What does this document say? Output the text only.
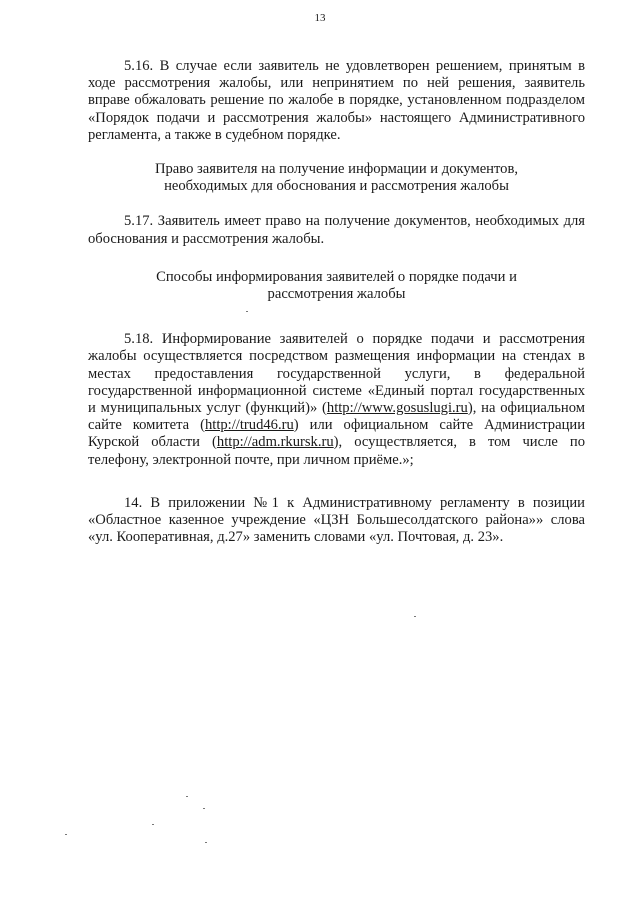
13

5.16. В случае если заявитель не удовлетворен решением, принятым в ходе рассмотрения жалобы, или непринятием по ней решения, заявитель вправе обжаловать решение по жалобе в порядке, установленном подразделом «Порядок подачи и рассмотрения жалобы» настоящего Административного регламента, а также в судебном порядке.

Право заявителя на получение информации и документов,

необходимых для обоснования и рассмотрения жалобы

5.17. Заявитель имеет право на получение документов, необходимых для обоснования и рассмотрения жалобы.

Способы информирования заявителей о порядке подачи и

рассмотрения жалобы

5.18. Информирование заявителей о порядке подачи и рассмотрения жалобы осуществляется посредством размещения информации на стендах в местах предоставления государственной услуги, в федеральной государственной информационной системе «Единый портал государственных и муниципальных услуг (функций)» (http://www.gosuslugi.ru), на официальном сайте комитета (http://trud46.ru) или официальном сайте Администрации Курской области (http://adm.rkursk.ru), осуществляется, в том числе по телефону, электронной почте, при личном приёме.»;

14. В приложении №1 к Административному регламенту в позиции «Областное казенное учреждение «ЦЗН Большесолдатского района»» слова «ул. Кооперативная, д.27» заменить словами «ул. Почтовая, д. 23».
